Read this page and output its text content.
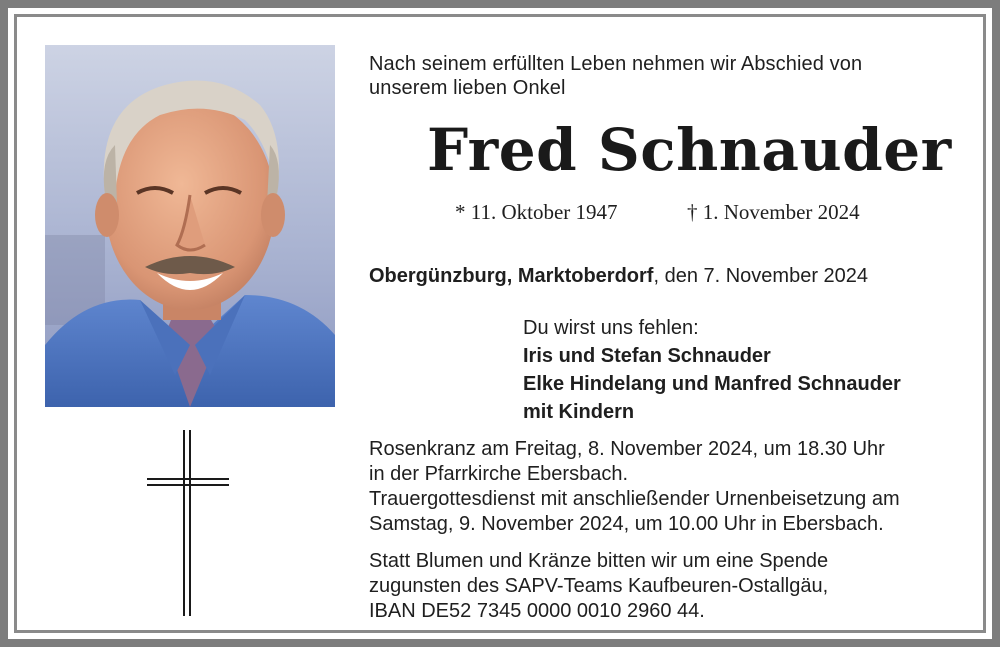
Nach seinem erfüllten Leben nehmen wir Abschied von
unserem lieben Onkel
Fred Schnauder
* 11. Oktober 1947	† 1. November 2024
Obergünzburg, Marktoberdorf, den 7. November 2024
Du wirst uns fehlen:
Iris und Stefan Schnauder
Elke Hindelang und Manfred Schnauder
mit Kindern
Rosenkranz am Freitag, 8. November 2024, um 18.30 Uhr
in der Pfarrkirche Ebersbach.
Trauergottesdienst mit anschließender Urnenbeisetzung am
Samstag, 9. November 2024, um 10.00 Uhr in Ebersbach.
Statt Blumen und Kränze bitten wir um eine Spende
zugunsten des SAPV-Teams Kaufbeuren-Ostallgäu,
IBAN DE52 7345 0000 0010 2960 44.
